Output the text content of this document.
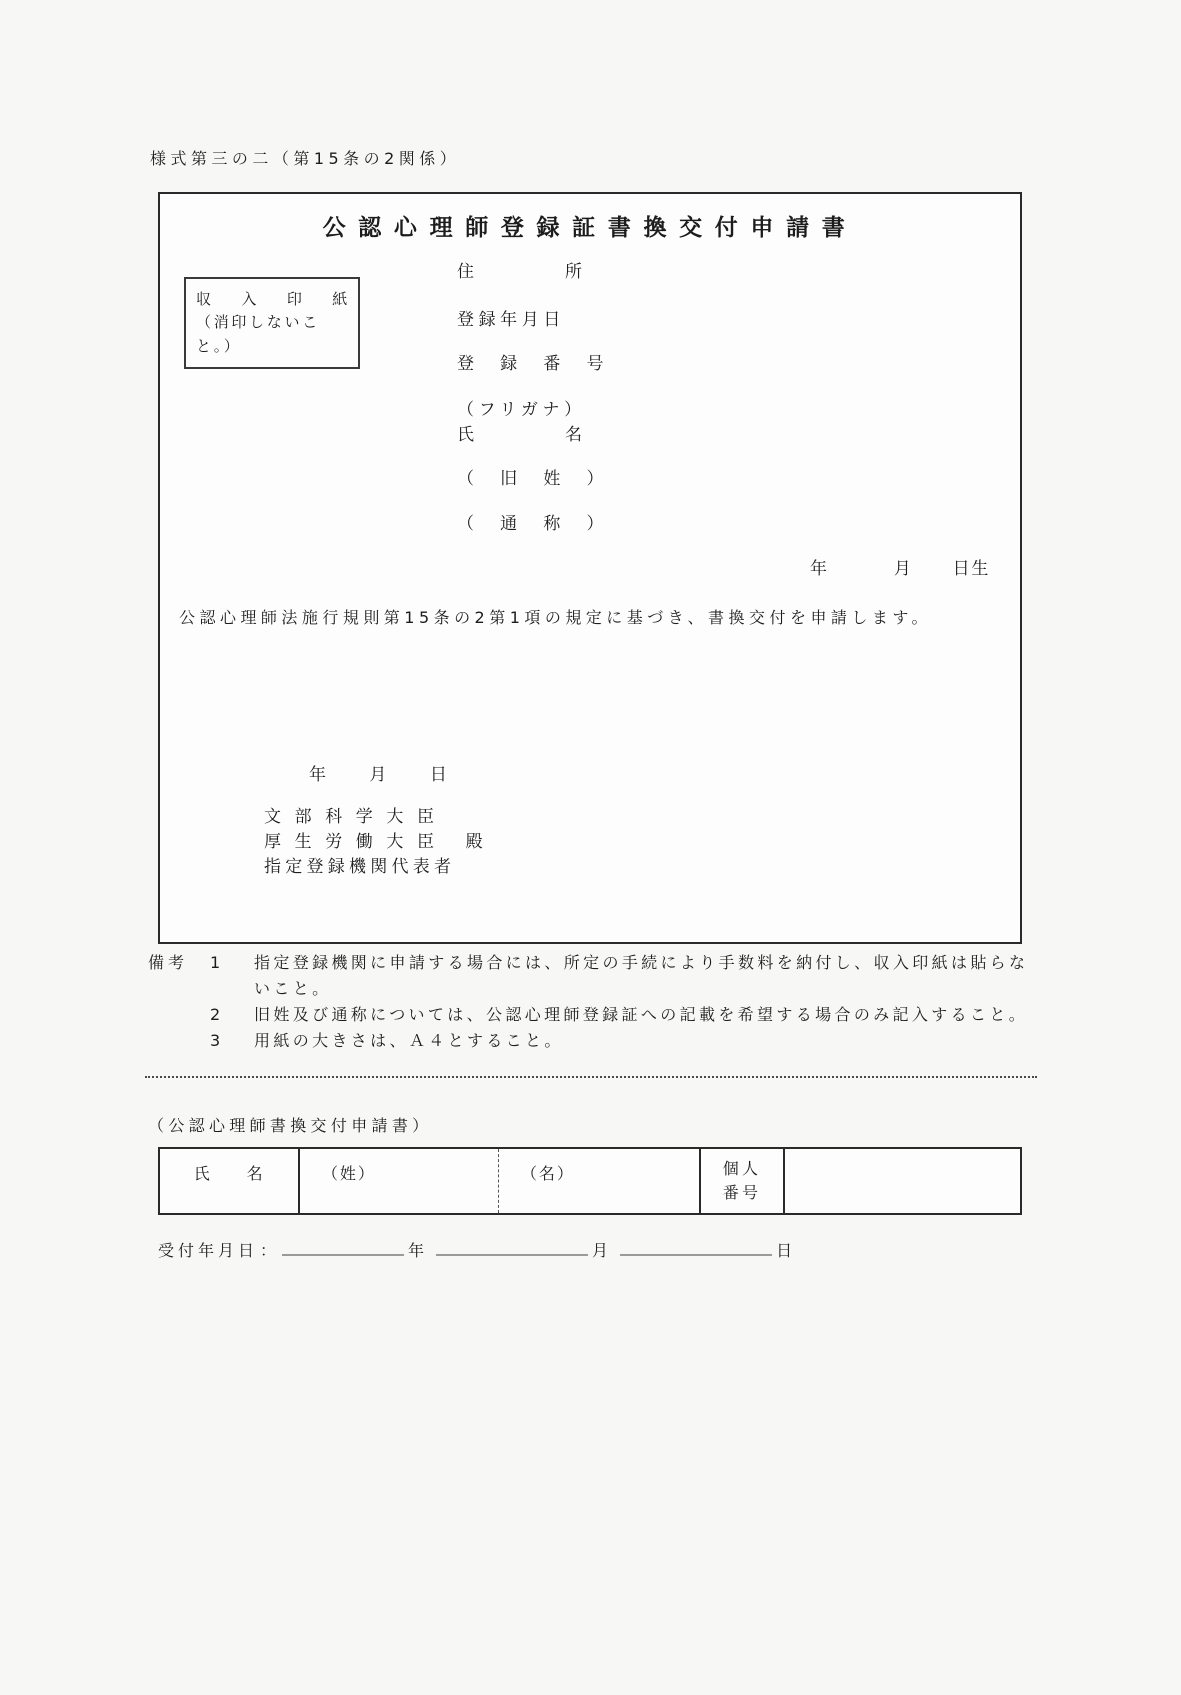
様式第三の二（第15条の2関係）
公認心理師登録証書換交付申請書
収　入　印　紙
（消印しないこ
と。）
住　　　　所
登録年月日
登　録　番　号
（フリガナ）
氏　　　　名
（　旧　姓　）
（　通　称　）
年	月 日生
公認心理師法施行規則第15条の2第1項の規定に基づき、書換交付を申請します。
年	月	日
文部科学大臣
厚生労働大臣 殿
指定登録機関代表者
備考	1	指定登録機関に申請する場合には、所定の手続により手数料を納付し、収入印紙は貼らないこと。
2	旧姓及び通称については、公認心理師登録証への記載を希望する場合のみ記入すること。
3	用紙の大きさは、Ａ４とすること。
（公認心理師書換交付申請書）
氏　　名	（姓）	（名）	個人
番号
受付年月日 ：	年	月	日
